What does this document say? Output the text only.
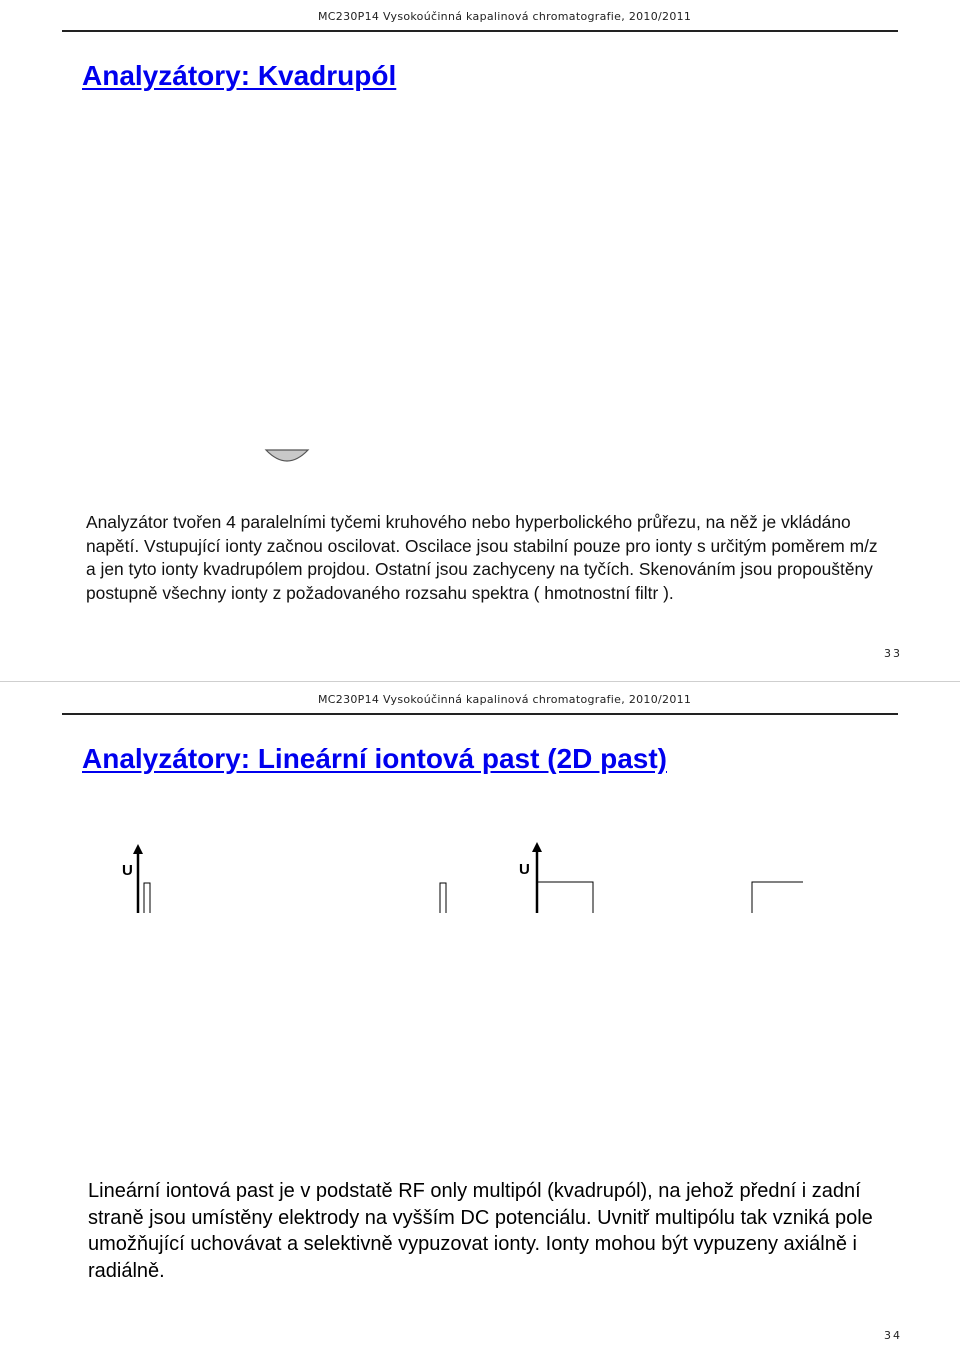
MC230P14 Vysokoúčinná kapalinová chromatografie, 2010/2011
Analyzátory: Kvadrupól

Analyzátor tvořen 4 paralelními tyčemi kruhového nebo hyperbolického průřezu, na něž je vkládáno napětí. Vstupující ionty začnou oscilovat. Oscilace jsou stabilní pouze pro ionty s určitým poměrem m/z a jen tyto ionty kvadrupólem projdou. Ostatní jsou zachyceny na tyčích. Skenováním jsou propouštěny postupně všechny ionty z požadovaného rozsahu spektra ( hmotnostní filtr ).

33
MC230P14 Vysokoúčinná kapalinová chromatografie, 2010/2011
Analyzátory: Lineární iontová past (2D past)
U	U

Lineární iontová past je v podstatě RF only multipól (kvadrupól), na jehož přední i zadní straně jsou umístěny elektrody na vyšším DC potenciálu. Uvnitř multipólu tak vzniká pole umožňující uchovávat a selektivně vypuzovat ionty. Ionty mohou být vypuzeny axiálně i radiálně.

34
